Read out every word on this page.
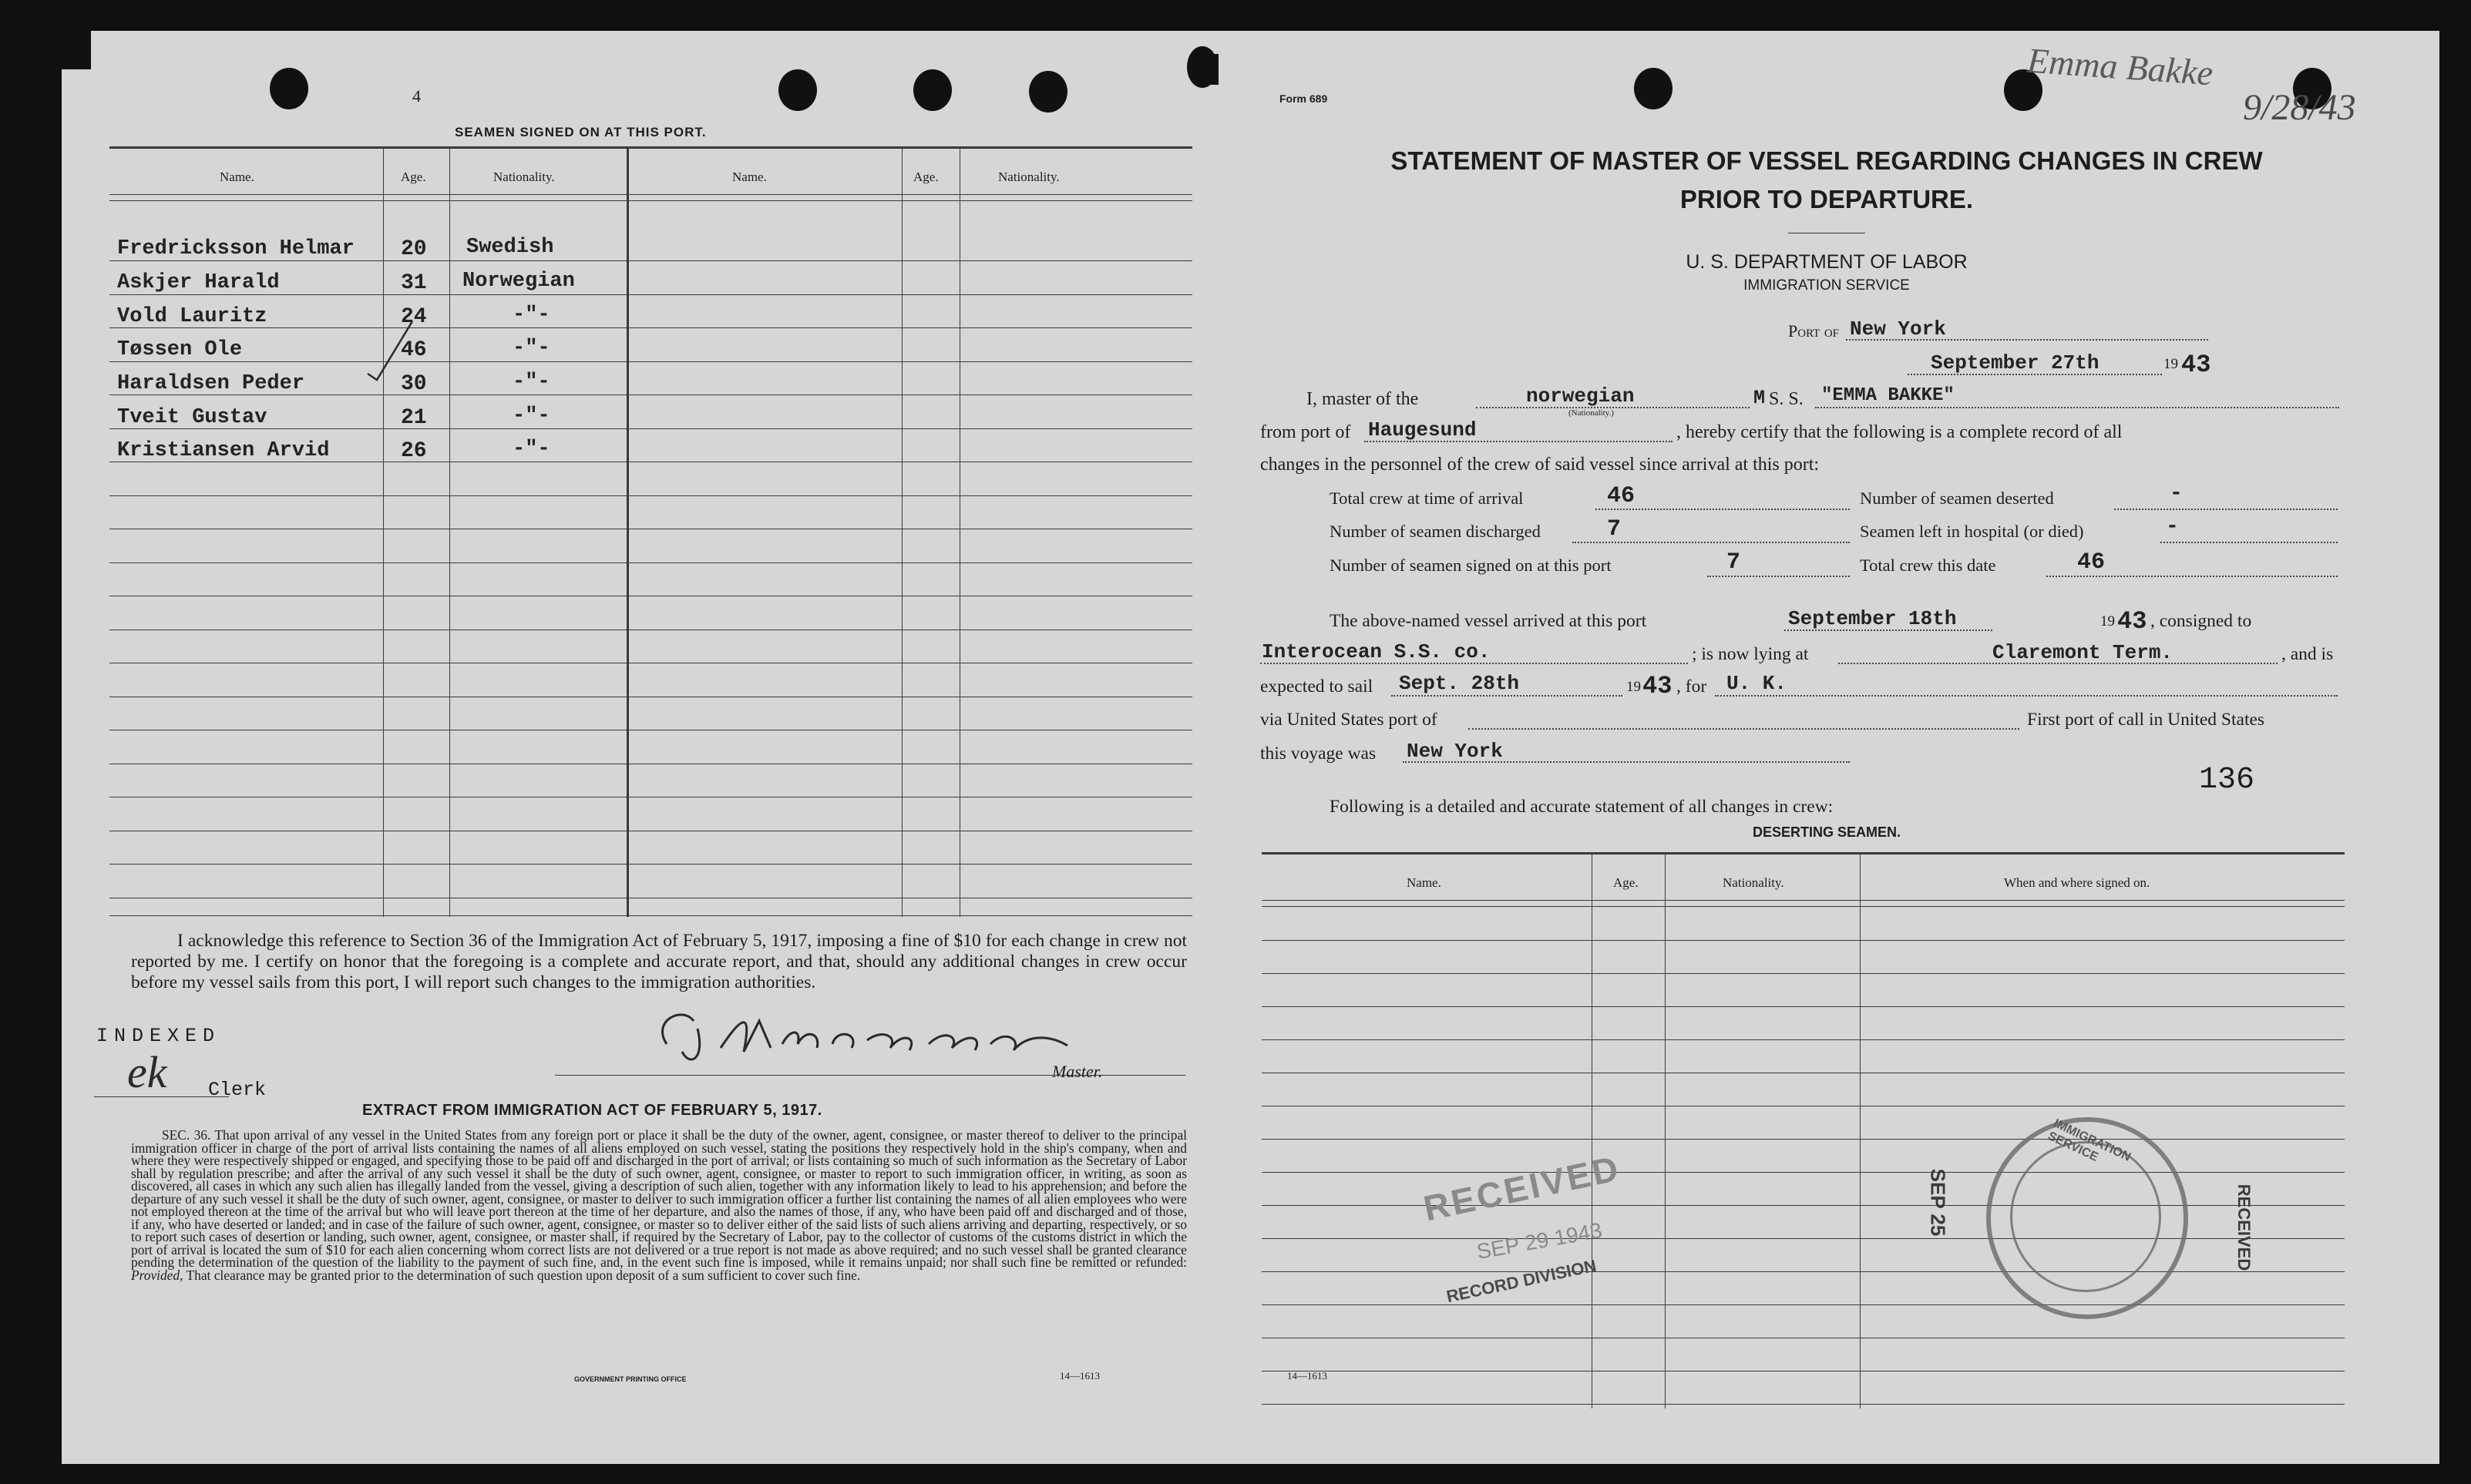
4
SEAMEN SIGNED ON AT THIS PORT.
Name.	Age.	Nationality.	Name.	Age.	Nationality.
Fredricksson Helmar 20 Swedish
Askjer Harald	31 Norwegian
Vold Lauritz	24	-"-
Tøssen Ole	46	-"-
Haraldsen Peder	30	-"-
Tveit Gustav	21	-"-
Kristiansen Arvid	26	-"-
I acknowledge this reference to Section 36 of the Immigration Act of February 5, 1917, imposing a fine of $10 for each change in crew not reported by me. I certify on honor that the foregoing is a complete and accurate report, and that, should any additional changes in crew occur before my vessel sails from this port, I will report such changes to the immigration authorities.
INDEXED
ek Clerk
Master.
EXTRACT FROM IMMIGRATION ACT OF FEBRUARY 5, 1917.
SEC. 36. That upon arrival of any vessel in the United States from any foreign port or place it shall be the duty of the owner, agent, consignee, or master thereof to deliver to the principal immigration officer in charge of the port of arrival lists containing the names of all aliens employed on such vessel, stating the positions they respectively hold in the ship's company, when and where they were respectively shipped or engaged, and specifying those to be paid off and discharged in the port of arrival; or lists containing so much of such information as the Secretary of Labor shall by regulation prescribe; and after the arrival of any such vessel it shall be the duty of such owner, agent, consignee, or master to report to such immigration officer, in writing, as soon as discovered, all cases in which any such alien has illegally landed from the vessel, giving a description of such alien, together with any information likely to lead to his apprehension; and before the departure of any such vessel it shall be the duty of such owner, agent, consignee, or master to deliver to such immigration officer a further list containing the names of all alien employees who were not employed thereon at the time of the arrival but who will leave port thereon at the time of her departure, and also the names of those, if any, who have been paid off and discharged and of those, if any, who have deserted or landed; and in case of the failure of such owner, agent, consignee, or master so to deliver either of the said lists of such aliens arriving and departing, respectively, or so to report such cases of desertion or landing, such owner, agent, consignee, or master shall, if required by the Secretary of Labor, pay to the collector of customs of the customs district in which the port of arrival is located the sum of $10 for each alien concerning whom correct lists are not delivered or a true report is not made as above required; and no such vessel shall be granted clearance pending the determination of the question of the liability to the payment of such fine, and, in the event such fine is imposed, while it remains unpaid; nor shall such fine be remitted or refunded: Provided, That clearance may be granted prior to the determination of such question upon deposit of a sum sufficient to cover such fine.
GOVERNMENT PRINTING OFFICE	14—1613
Form 689
Emma Bakke
9/28/43
STATEMENT OF MASTER OF VESSEL REGARDING CHANGES IN CREW
PRIOR TO DEPARTURE.
U. S. DEPARTMENT OF LABOR
IMMIGRATION SERVICE
Port of New York
September 27th	19 43
I, master of the	norwegian
(Nationality.)
M S. S. "EMMA BAKKE"
from port of Haugesund	, hereby certify that the following is a complete record of all
changes in the personnel of the crew of said vessel since arrival at this port:
Total crew at time of arrival	46	Number of seamen deserted	-
Number of seamen discharged	7	Seamen left in hospital (or died)	-
Number of seamen signed on at this port	7	Total crew this date	46
The above-named vessel arrived at this port	September 18th	19 43 , consigned to
Interocean S.S. co.	; is now lying at	Claremont Term.	, and is
expected to sail Sept. 28th	19 43 , for U. K.
via United States port of	First port of call in United States
this voyage was New York
136
Following is a detailed and accurate statement of all changes in crew:
DESERTING SEAMEN.
Name.	Age.	Nationality.	When and where signed on.
RECEIVED
SEP 29 1943
RECORD DIVISION
IMMIGRATION SERVICE
RECEIVED
SEP 25
14—1613
